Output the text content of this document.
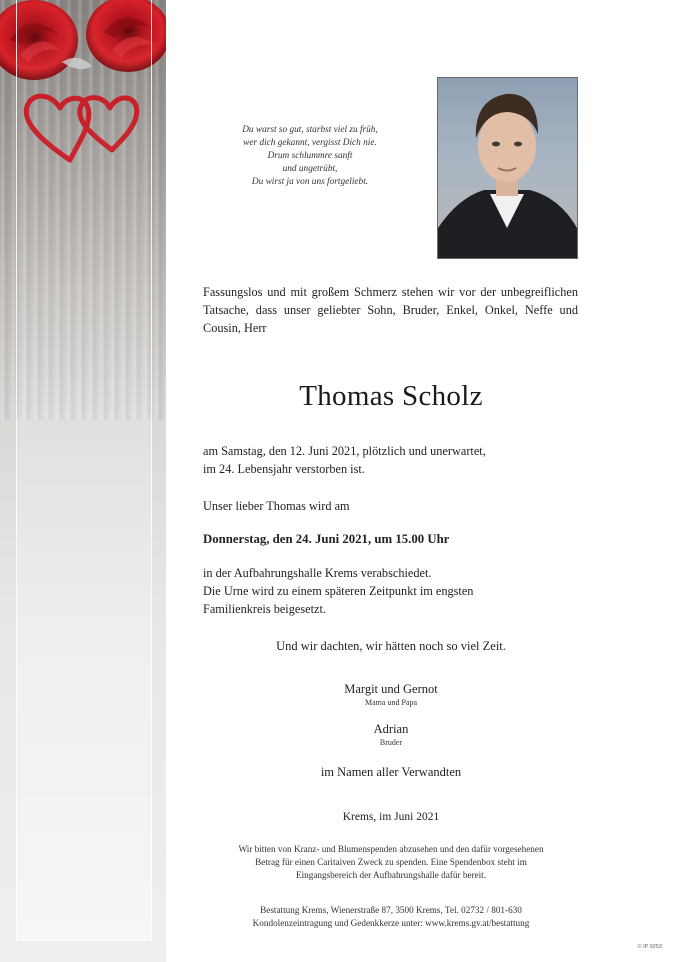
Du warst so gut, starbst viel zu früh,
wer dich gekannt, vergisst Dich nie.
Drum schlummre sanft
und ungetrübt,
Du wirst ja von uns fortgeliebt.
Fassungslos und mit großem Schmerz stehen wir vor der unbegreiflichen Tatsache, dass unser geliebter Sohn, Bruder, Enkel, Onkel, Neffe und Cousin, Herr
Thomas Scholz
am Samstag, den 12. Juni 2021, plötzlich und unerwartet,
im 24. Lebensjahr verstorben ist.
Unser lieber Thomas wird am
Donnerstag, den 24. Juni 2021, um 15.00 Uhr
in der Aufbahrungshalle Krems verabschiedet.
Die Urne wird zu einem späteren Zeitpunkt im engsten
Familienkreis beigesetzt.
Und wir dachten, wir hätten noch so viel Zeit.
Margit und Gernot
Mama und Papa
Adrian
Bruder
im Namen aller Verwandten
Krems, im Juni 2021
Wir bitten von Kranz- und Blumenspenden abzusehen und den dafür vorgesehenen
Betrag für einen Caritaiven Zweck zu spenden. Eine Spendenbox steht im
Eingangsbereich der Aufbahrungshalle dafür bereit.
Bestattung Krems, Wienerstraße 87, 3500 Krems, Tel. 02732 / 801-630
Kondolenzeintragung und Gedenkkerze unter: www.krems.gv.at/bestattung
© IP 9253
